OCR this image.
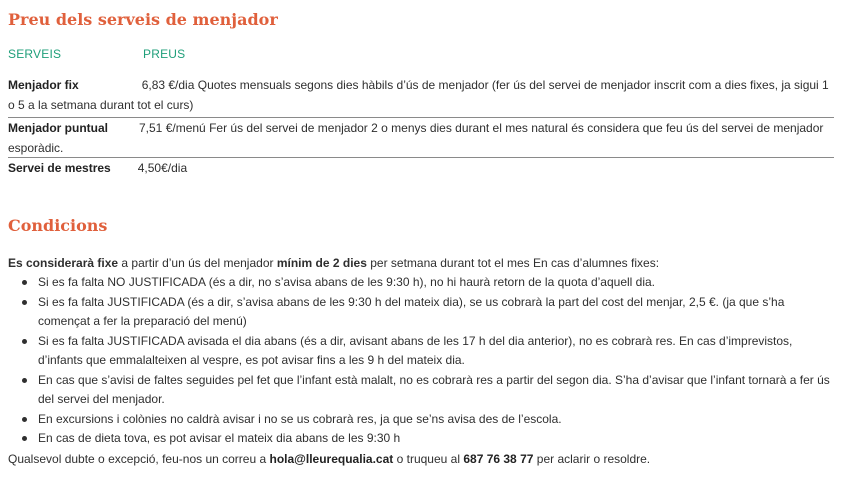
Preu dels serveis de menjador
SERVEIS	PREUS
Menjador fix	6,83 €/dia Quotes mensuals segons dies hàbils d’ús de menjador (fer ús del servei de menjador inscrit com a dies fixes, ja sigui 1 o 5 a la setmana durant tot el curs)
Menjador puntual	7,51 €/menú Fer ús del servei de menjador 2 o menys dies durant el mes natural és considera que feu ús del servei de menjador esporàdic.
Servei de mestres 4,50€/dia
Condicions
Es considerarà fixe a partir d’un ús del menjador mínim de 2 dies per setmana durant tot el mes En cas d’alumnes fixes:
Si es fa falta NO JUSTIFICADA (és a dir, no s’avisa abans de les 9:30 h), no hi haurà retorn de la quota d’aquell dia.
Si es fa falta JUSTIFICADA (és a dir, s’avisa abans de les 9:30 h del mateix dia), se us cobrarà la part del cost del menjar, 2,5 €. (ja que s’ha començat a fer la preparació del menú)
Si es fa falta JUSTIFICADA avisada el dia abans (és a dir, avisant abans de les 17 h del dia anterior), no es cobrarà res. En cas d’imprevistos, d’infants que emmalalteixen al vespre, es pot avisar fins a les 9 h del mateix dia.
En cas que s’avisi de faltes seguides pel fet que l’infant està malalt, no es cobrarà res a partir del segon dia. S’ha d’avisar que l’infant tornarà a fer ús del servei del menjador.
En excursions i colònies no caldrà avisar i no se us cobrarà res, ja que se’ns avisa des de l’escola.
En cas de dieta tova, es pot avisar el mateix dia abans de les 9:30 h
Qualsevol dubte o excepció, feu-nos un correu a hola@lleurequalia.cat o truqueu al 687 76 38 77 per aclarir o resoldre.
